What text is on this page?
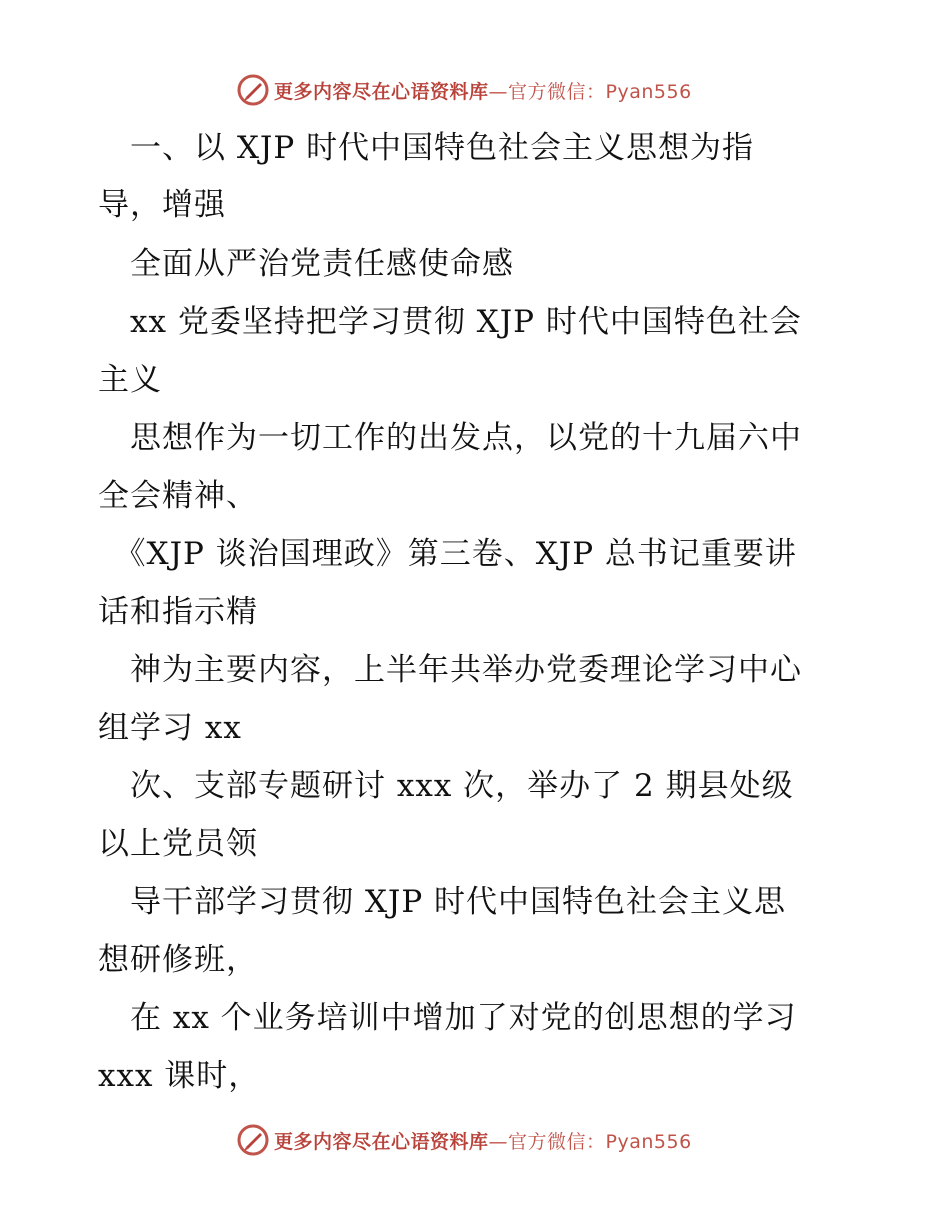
更多内容尽在心语资料库—官方微信：Pyan556
　一、以 XJP 时代中国特色社会主义思想为指
导，增强
　全面从严治党责任感使命感
　xx 党委坚持把学习贯彻 XJP 时代中国特色社会
主义
　思想作为一切工作的出发点，以党的十九届六中
全会精神、
　《XJP 谈治国理政》第三卷、XJP 总书记重要讲
话和指示精
　神为主要内容，上半年共举办党委理论学习中心
组学习 xx
　次、支部专题研讨 xxx 次，举办了 2 期县处级
以上党员领
　导干部学习贯彻 XJP 时代中国特色社会主义思
想研修班，
　在 xx 个业务培训中增加了对党的创思想的学习
xxx 课时，
更多内容尽在心语资料库—官方微信：Pyan556
